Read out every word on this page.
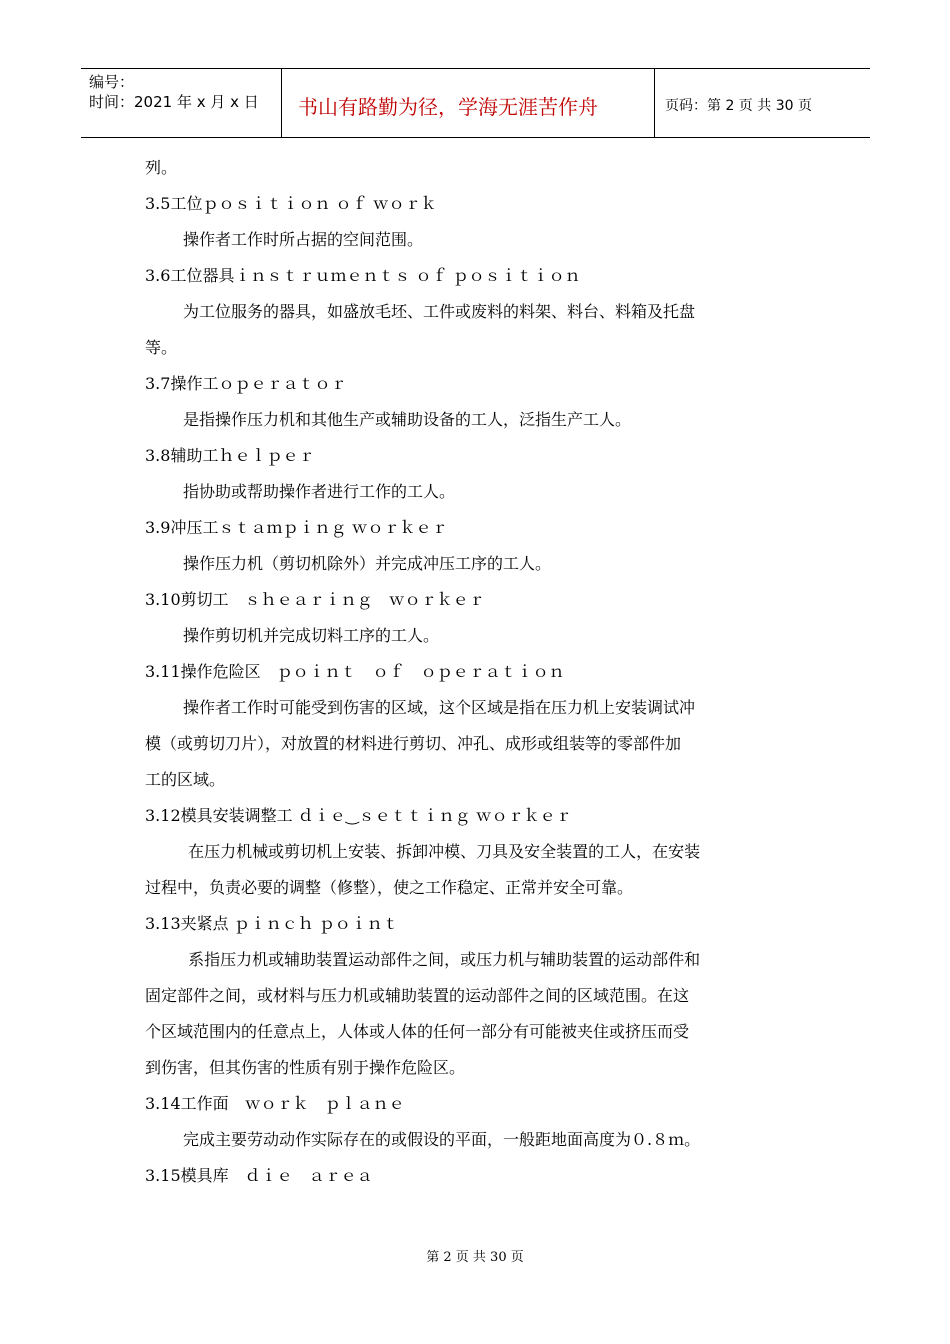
编号：
时间：2021 年 x 月 x 日 书山有路勤为径，学海无涯苦作舟	页码：第 2 页 共 30 页

列。

3.5工位ｐｏｓｉｔｉｏｎ ｏｆ ｗｏｒｋ

操作者工作时所占据的空间范围。

3.6工位器具ｉｎｓｔｒｕｍｅｎｔｓ ｏｆ ｐｏｓｉｔｉｏｎ

为工位服务的器具，如盛放毛坯、工件或废料的料架、料台、料箱及托盘

等。

3.7操作工ｏｐｅｒａｔｏｒ

是指操作压力机和其他生产或辅助设备的工人，泛指生产工人。

3.8辅助工ｈｅｌｐｅｒ

指协助或帮助操作者进行工作的工人。

3.9冲压工ｓｔａｍｐｉｎｇ ｗｏｒｋｅｒ

操作压力机（剪切机除外）并完成冲压工序的工人。

3.10剪切工　ｓｈｅａｒｉｎｇ　ｗｏｒｋｅｒ

操作剪切机并完成切料工序的工人。

3.11操作危险区　ｐｏｉｎｔ　ｏｆ　ｏｐｅｒａｔｉｏｎ

操作者工作时可能受到伤害的区域，这个区域是指在压力机上安装调试冲

模（或剪切刀片），对放置的材料进行剪切、冲孔、成形或组装等的零部件加

工的区域。

3.12模具安装调整工 ｄｉｅ‿ｓｅｔｔｉｎｇ ｗｏｒｋｅｒ

在压力机械或剪切机上安装、拆卸冲模、刀具及安全装置的工人，在安装

过程中，负责必要的调整（修整），使之工作稳定、正常并安全可靠。

3.13夹紧点 ｐｉｎｃｈ ｐｏｉｎｔ

系指压力机或辅助装置运动部件之间，或压力机与辅助装置的运动部件和

固定部件之间，或材料与压力机或辅助装置的运动部件之间的区域范围。在这

个区域范围内的任意点上，人体或人体的任何一部分有可能被夹住或挤压而受

到伤害，但其伤害的性质有别于操作危险区。

3.14工作面　ｗｏｒｋ　ｐｌａｎｅ

完成主要劳动动作实际存在的或假设的平面，一般距地面高度为０.８ｍ。

3.15模具库　ｄｉｅ　ａｒｅａ

第 2 页 共 30 页
